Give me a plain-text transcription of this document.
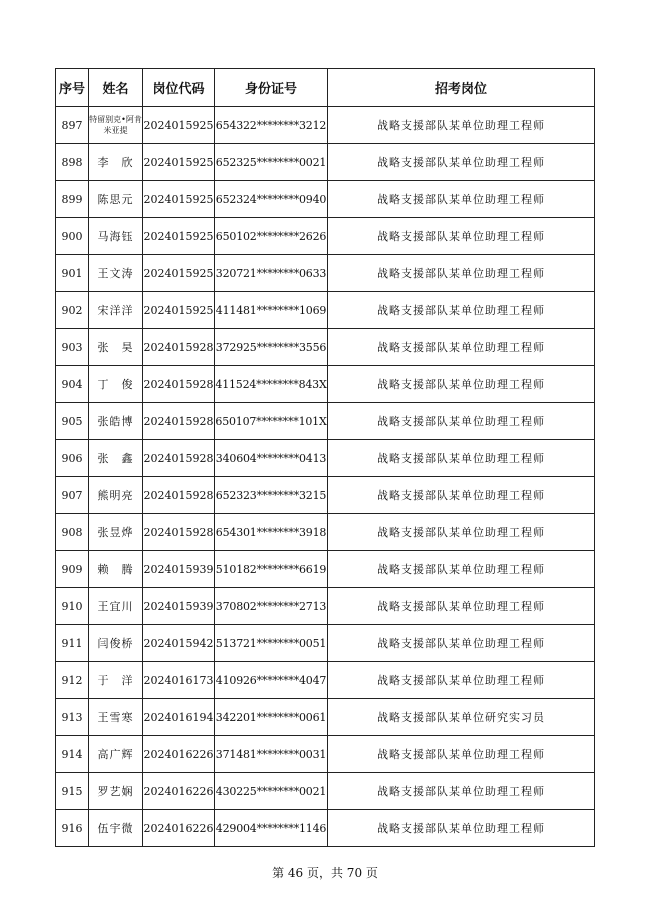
序号	姓名	岗位代码	身份证号	招考岗位
897	特留别克•阿肯米亚提	2024015925	654322********3212	战略支援部队某单位助理工程师
898	李　欣	2024015925	652325********0021	战略支援部队某单位助理工程师
899	陈思元	2024015925	652324********0940	战略支援部队某单位助理工程师
900	马海钰	2024015925	650102********2626	战略支援部队某单位助理工程师
901	王文涛	2024015925	320721********0633	战略支援部队某单位助理工程师
902	宋洋洋	2024015925	411481********1069	战略支援部队某单位助理工程师
903	张　昊	2024015928	372925********3556	战略支援部队某单位助理工程师
904	丁　俊	2024015928	411524********843X	战略支援部队某单位助理工程师
905	张皓博	2024015928	650107********101X	战略支援部队某单位助理工程师
906	张　鑫	2024015928	340604********0413	战略支援部队某单位助理工程师
907	熊明亮	2024015928	652323********3215	战略支援部队某单位助理工程师
908	张昱烨	2024015928	654301********3918	战略支援部队某单位助理工程师
909	赖　腾	2024015939	510182********6619	战略支援部队某单位助理工程师
910	王宜川	2024015939	370802********2713	战略支援部队某单位助理工程师
911	闫俊桥	2024015942	513721********0051	战略支援部队某单位助理工程师
912	于　洋	2024016173	410926********4047	战略支援部队某单位助理工程师
913	王雪寒	2024016194	342201********0061	战略支援部队某单位研究实习员
914	高广辉	2024016226	371481********0031	战略支援部队某单位助理工程师
915	罗艺娴	2024016226	430225********0021	战略支援部队某单位助理工程师
916	伍宇微	2024016226	429004********1146	战略支援部队某单位助理工程师
第 46 页，共 70 页
